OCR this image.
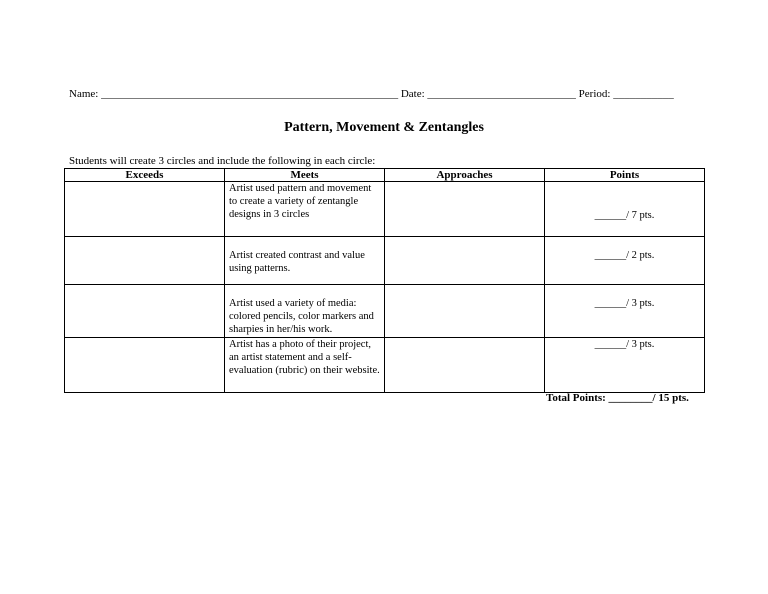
Name: ______________________________________________________ Date: ___________________________ Period: ___________
Pattern, Movement & Zentangles
Students will create 3 circles and include the following in each circle:
Exceeds	Meets	Approaches	Points
	Artist used pattern and movement to create a variety of zentangle designs in 3 circles		______/ 7 pts.

	Artist created contrast and value using patterns.		______/ 2 pts.

	Artist used a variety of media: colored pencils, color markers and sharpies in her/his work.		______/ 3 pts.

	Artist has a photo of their project, an artist statement and a self-evaluation (rubric) on their website.		______/ 3 pts.
Total Points: ________/ 15 pts.
